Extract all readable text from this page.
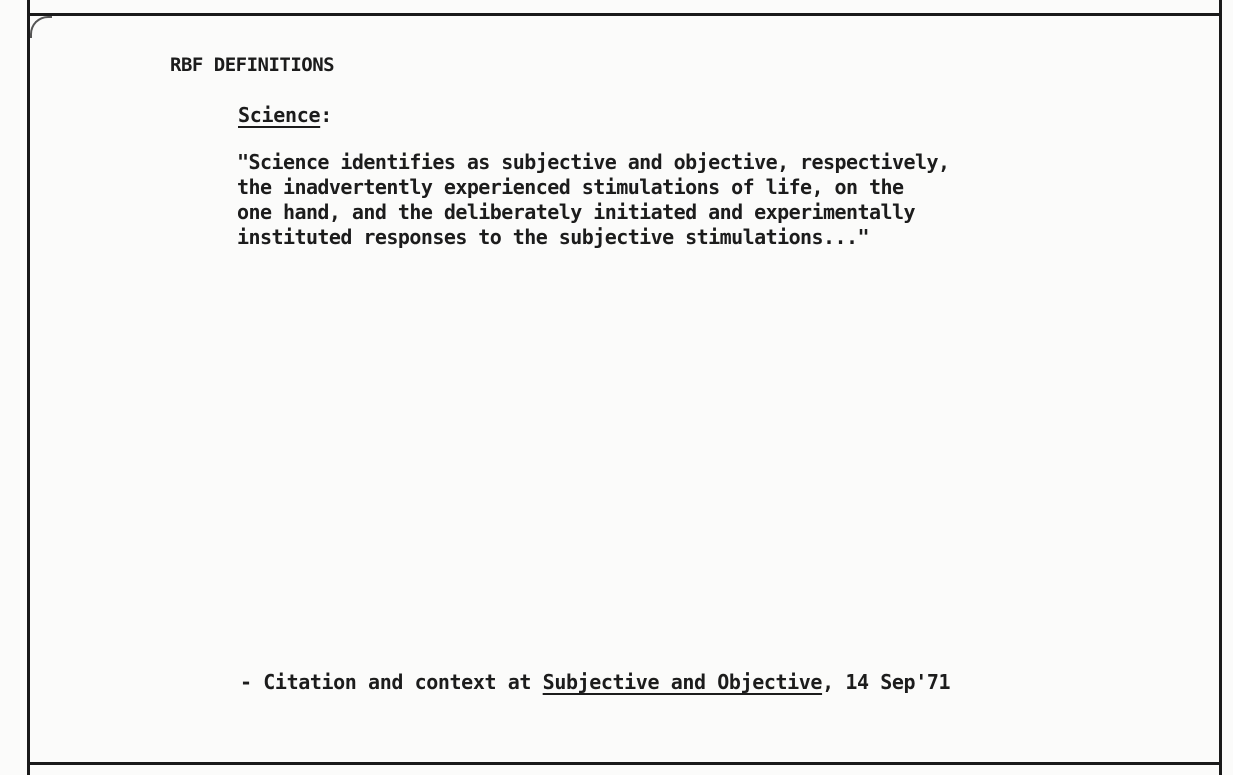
RBF DEFINITIONS
Science:
"Science identifies as subjective and objective, respectively,
the inadvertently experienced stimulations of life, on the
one hand, and the deliberately initiated and experimentally
instituted responses to the subjective stimulations..."
- Citation and context at Subjective and Objective, 14 Sep'71
